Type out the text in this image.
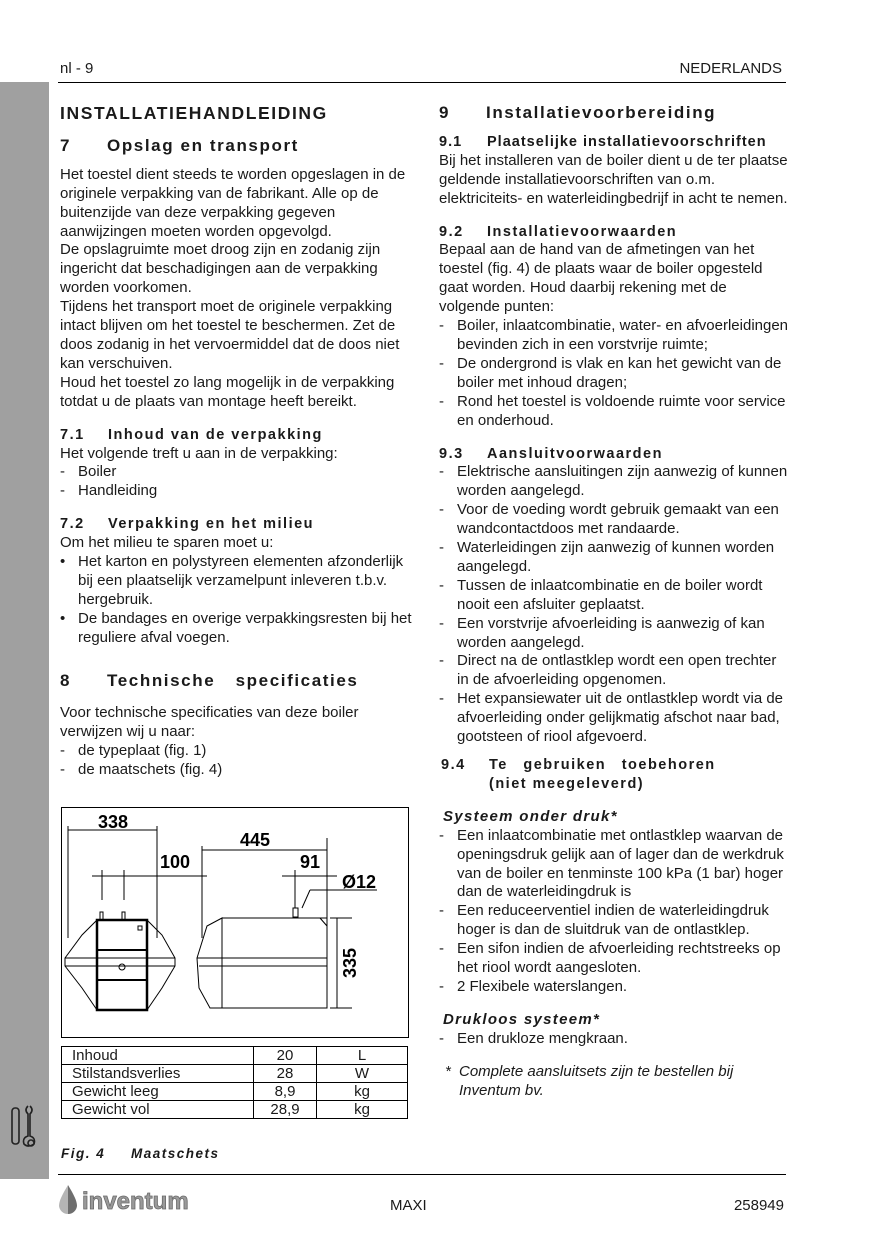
nl - 9	NEDERLANDS
INSTALLATIEHANDLEIDING
7 Opslag en transport

Het toestel dient steeds te worden opgeslagen in de originele verpakking van de fabrikant. Alle op de buitenzijde van deze verpakking gegeven aanwijzingen moeten worden opgevolgd.

De opslagruimte moet droog zijn en zodanig zijn ingericht dat beschadigingen aan de verpakking worden voorkomen.

Tijdens het transport moet de originele verpakking intact blijven om het toestel te beschermen. Zet de doos zodanig in het vervoermiddel dat de doos niet kan verschuiven.

Houd het toestel zo lang mogelijk in de verpakking totdat u de plaats van montage heeft bereikt.

7.1 Inhoud van de verpakking

Het volgende treft u aan in de verpakking:

- Boiler
- Handleiding
7.2 Verpakking en het milieu

Om het milieu te sparen moet u:

• Het karton en polystyreen elementen afzonderlijk bij een plaatselijk verzamelpunt inleveren t.b.v. hergebruik.
• De bandages en overige verpakkingsresten bij het reguliere afval voegen.
8 Technische specificaties

Voor technische specificaties van deze boiler verwijzen wij u naar:

- de typeplaat (fig. 1)
- de maatschets (fig. 4)
338
100
445
91
Ø12
335
Inhoud	20	L
Stilstandsverlies	28	W
Gewicht leeg	8,9	kg
Gewicht vol	28,9	kg
Fig. 4 Maatschets
9 Installatievoorbereiding
9.1 Plaatselijke installatievoorschriften

Bij het installeren van de boiler dient u de ter plaatse geldende installatievoorschriften van o.m. elektriciteits- en waterleidingbedrijf in acht te nemen.

9.2 Installatievoorwaarden

Bepaal aan de hand van de afmetingen van het toestel (fig. 4) de plaats waar de boiler opgesteld gaat worden. Houd daarbij rekening met de volgende punten:

- Boiler, inlaatcombinatie, water- en afvoerleidingen bevinden zich in een vorstvrije ruimte;
- De ondergrond is vlak en kan het gewicht van de boiler met inhoud dragen;
- Rond het toestel is voldoende ruimte voor service en onderhoud.
9.3 Aansluitvoorwaarden
- Elektrische aansluitingen zijn aanwezig of kunnen worden aangelegd.
- Voor de voeding wordt gebruik gemaakt van een wandcontactdoos met randaarde.
- Waterleidingen zijn aanwezig of kunnen worden aangelegd.
- Tussen de inlaatcombinatie en de boiler wordt nooit een afsluiter geplaatst.
- Een vorstvrije afvoerleiding is aanwezig of kan worden aangelegd.
- Direct na de ontlastklep wordt een open trechter in de afvoerleiding opgenomen.
- Het expansiewater uit de ontlastklep wordt via de afvoerleiding onder gelijkmatig afschot naar bad, gootsteen of riool afgevoerd.
9.4 Te gebruiken toebehoren
(niet meegeleverd)
Systeem onder druk*
- Een inlaatcombinatie met ontlastklep waarvan de openingsdruk gelijk aan of lager dan de werkdruk van de boiler en tenminste 100 kPa (1 bar) hoger dan de waterleidingdruk is
- Een reduceerventiel indien de waterleidingdruk hoger is dan de sluitdruk van de ontlastklep.
- Een sifon indien de afvoerleiding rechtstreeks op het riool wordt aangesloten.
- 2 Flexibele waterslangen.
Drukloos systeem*
- Een drukloze mengkraan.
* Complete aansluitsets zijn te bestellen bij Inventum bv.
inventum	MAXI	258949
